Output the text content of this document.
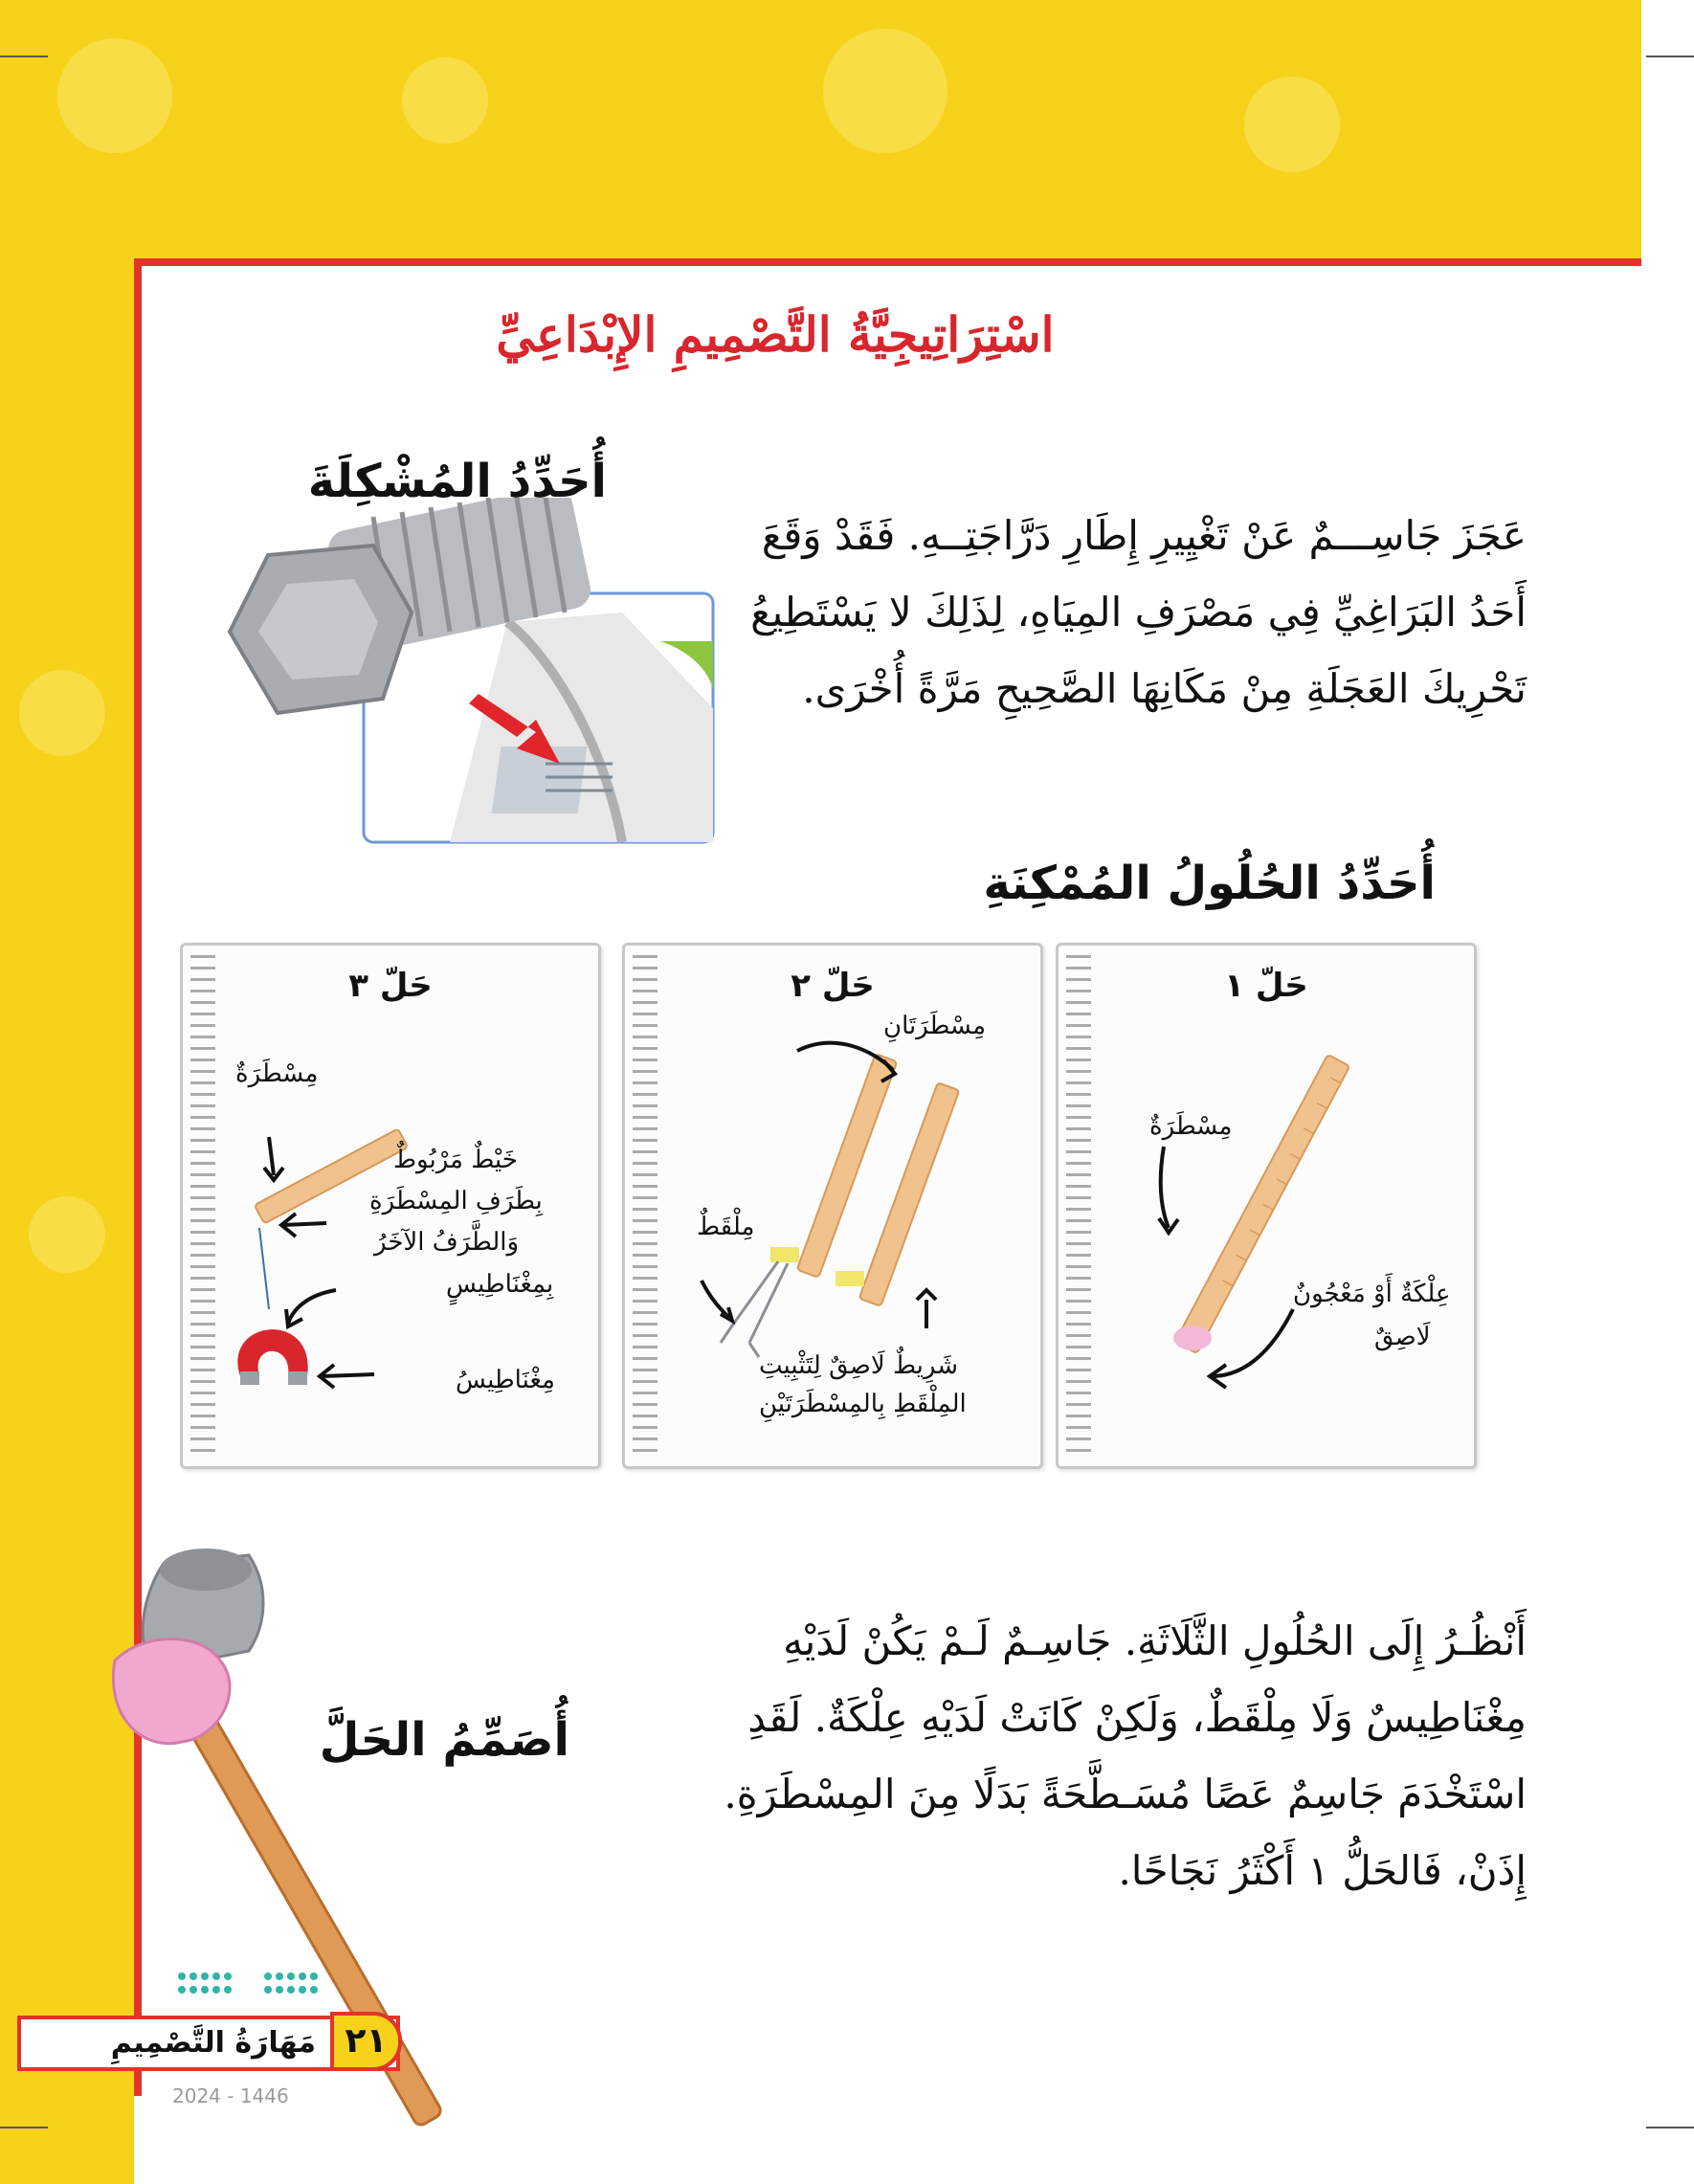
اسْتِرَاتِيجِيَّةُ التَّصْمِيمِ الإِبْدَاعِيِّ
أُحَدِّدُ المُشْكِلَةَ

عَجَزَ جَاسِـــمٌ عَنْ تَغْيِيرِ إِطَارِ دَرَّاجَتِــهِ. فَقَدْ وَقَعَ

أَحَدُ البَرَاغِيِّ فِي مَصْرَفِ المِيَاهِ، لِذَلِكَ لا يَسْتَطِيعُ

تَحْرِيكَ العَجَلَةِ مِنْ مَكَانِهَا الصَّحِيحِ مَرَّةً أُخْرَى.

أُحَدِّدُ الحُلُولُ المُمْكِنَةِ
حَلّ ١
مِسْطَرَةٌ
عِلْكَةٌ أَوْ مَعْجُونٌ
لَاصِقٌ
حَلّ ٢
مِسْطَرَتَانِ
مِلْقَطٌ
شَرِيطٌ لَاصِقٌ لِتَثْبِيتِ
المِلْقَطِ بِالمِسْطَرَتَيْنِ
حَلّ ٣
مِسْطَرَةٌ
خَيْطٌ مَرْبُوطٌ
بِطَرَفِ المِسْطَرَةِ
وَالطَّرَفُ الآخَرُ
بِمِغْنَاطِيسٍ
مِغْنَاطِيسُ
أُصَمِّمُ الحَلَّ

أَنْظُـرُ إِلَى الحُلُولِ الثَّلَاثَةِ. جَاسِـمٌ لَـمْ يَكُنْ لَدَيْهِ

مِغْنَاطِيسٌ وَلَا مِلْقَطٌ، وَلَكِنْ كَانَتْ لَدَيْهِ عِلْكَةٌ. لَقَدِ

اسْتَخْدَمَ جَاسِمٌ عَصًا مُسَـطَّحَةً بَدَلًا مِنَ المِسْطَرَةِ.

إِذَنْ، فَالحَلُّ ١ أَكْثَرُ نَجَاحًا.

مَهَارَةُ التَّصْمِيمِ ٢١
2024 - 1446
